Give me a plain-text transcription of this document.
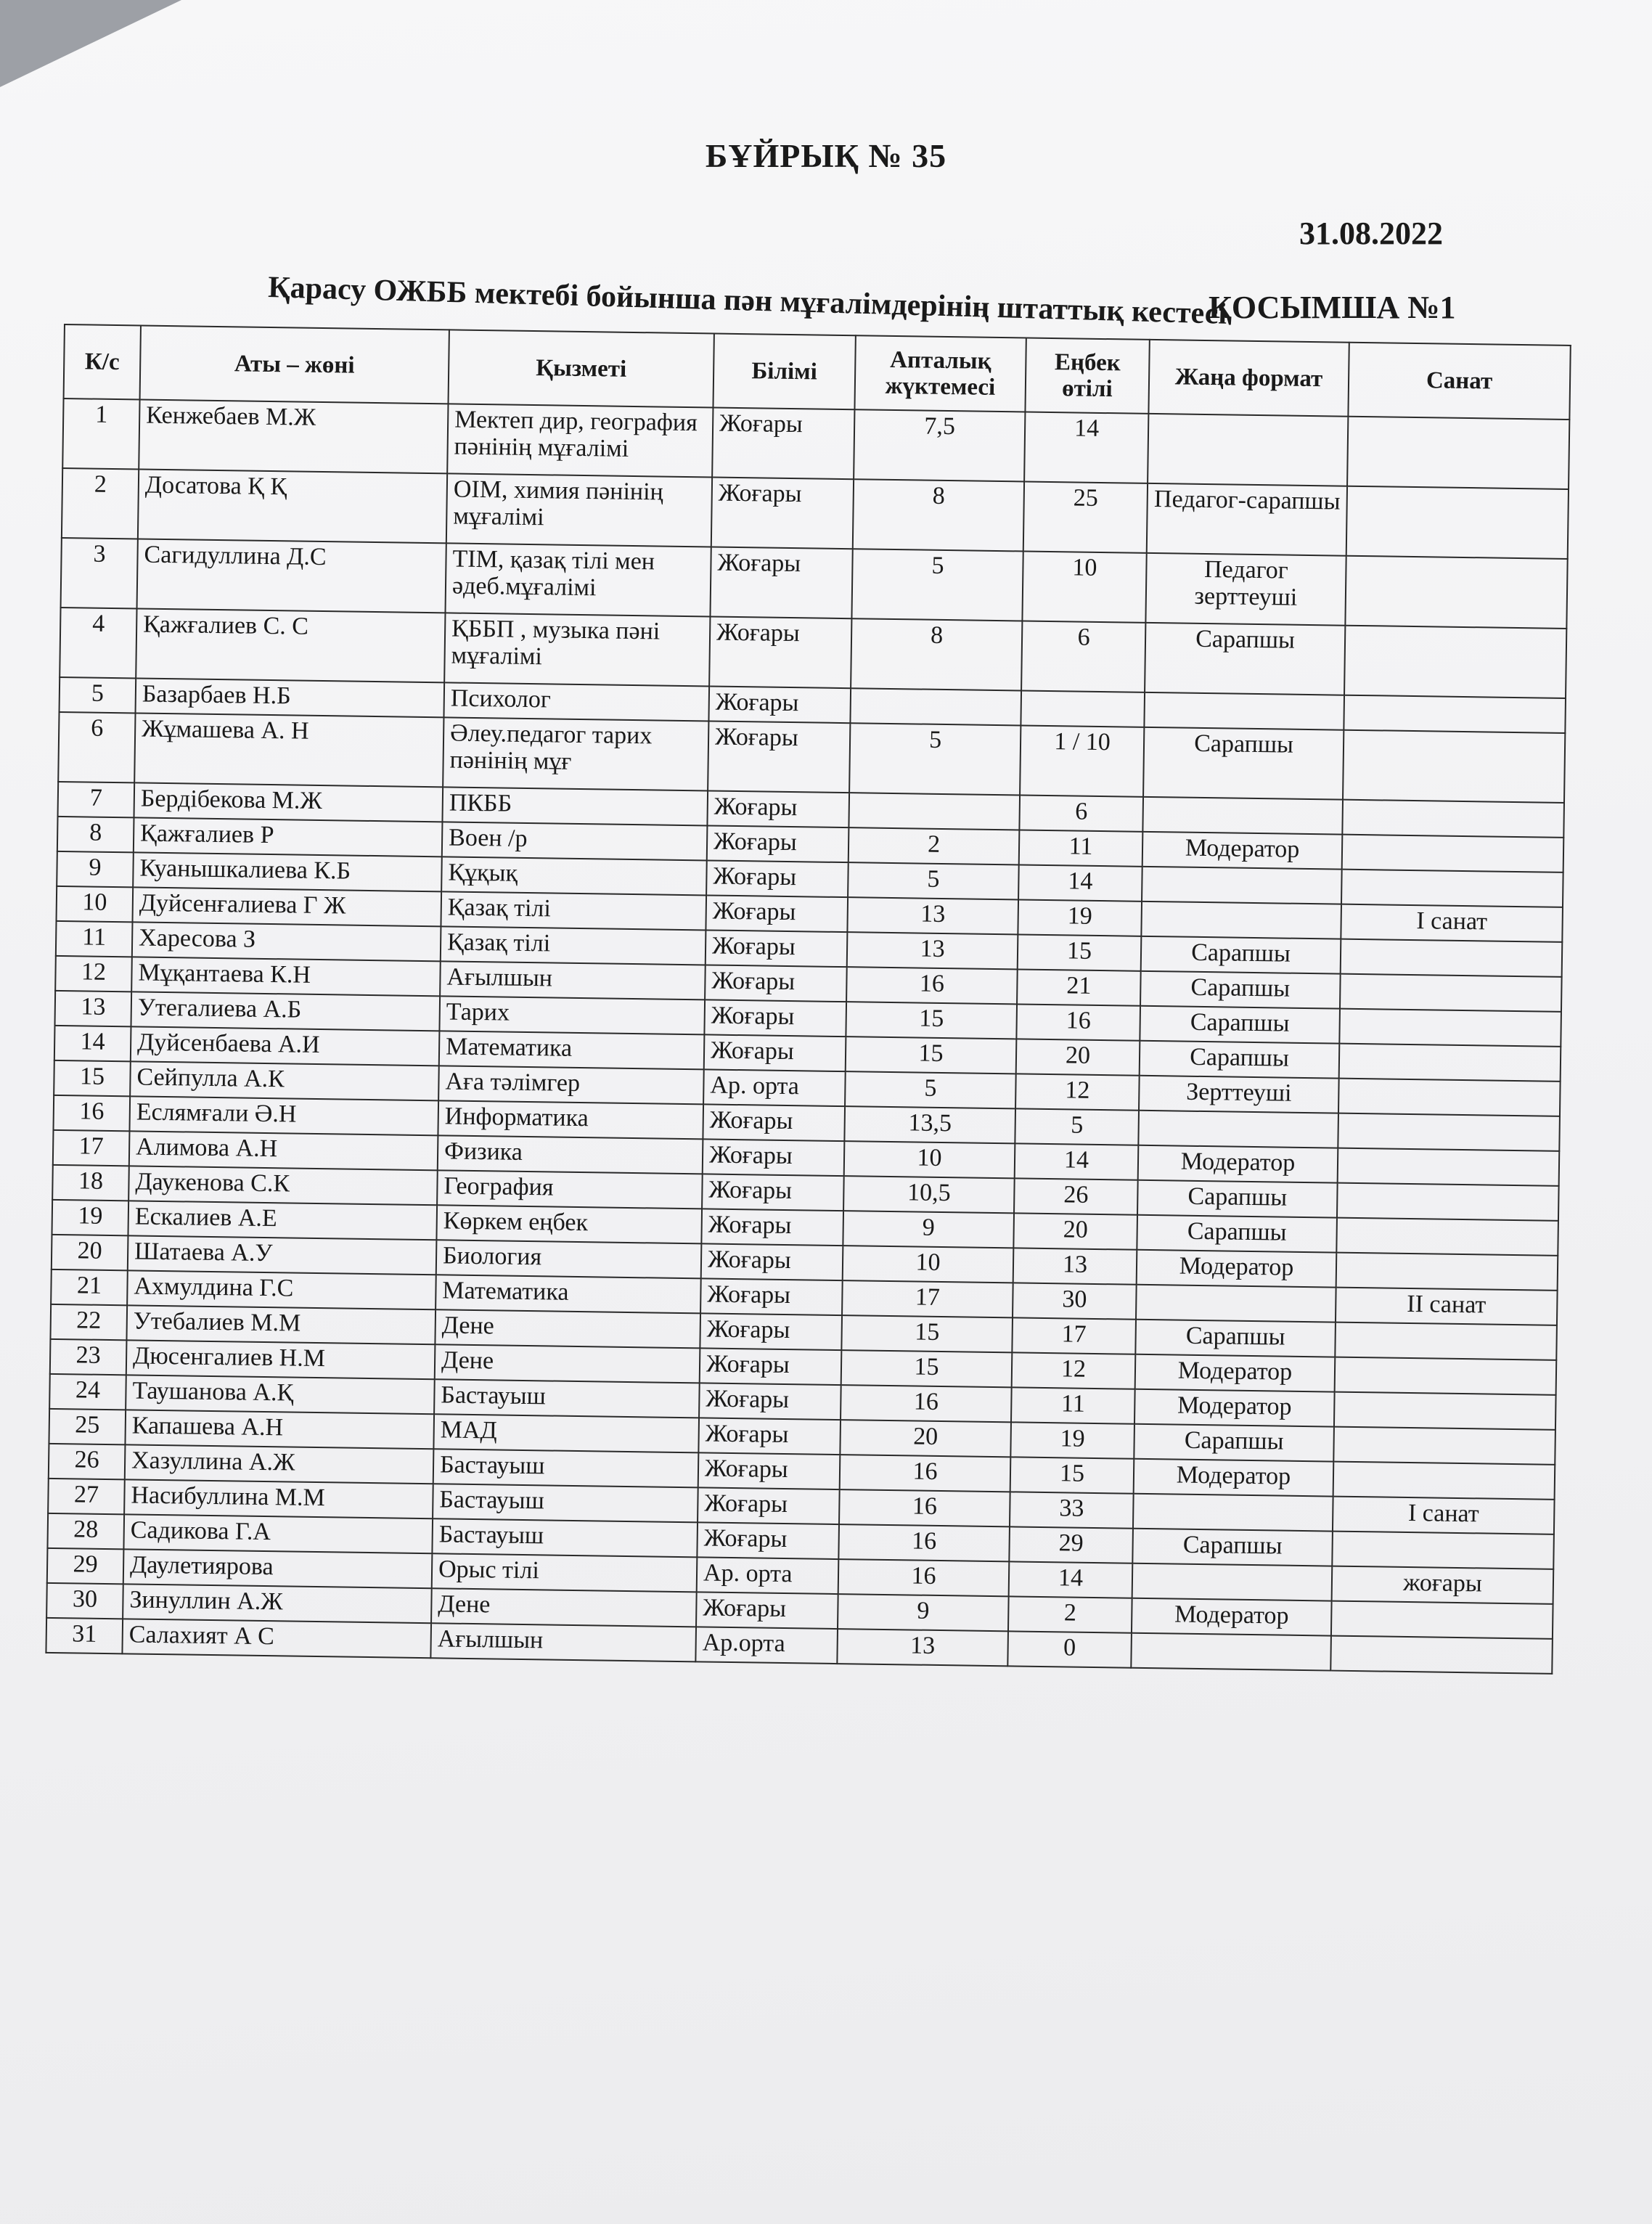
БҰЙРЫҚ № 35
31.08.2022
Қарасу ОЖББ мектебі бойынша пән мұғалімдерінің штаттық кестесі
ҚОСЫМША №1
К/с	Аты – жөні	Қызметі	Білімі	Апталық жүктемесі	Еңбек өтілі	Жаңа формат	Санат
1	Кенжебаев М.Ж	Мектеп дир, география пәнінің мұғалімі	Жоғары	7,5	14		
2	Досатова Қ Қ	ОІМ, химия пәнінің мұғалімі	Жоғары	8	25	Педагог-сарапшы	
3	Сагидуллина Д.С	ТІМ, қазақ тілі мен әдеб.мұғалімі	Жоғары	5	10	Педагог зерттеуші	
4	Қажғалиев С. С	ҚББП , музыка пәні мұғалімі	Жоғары	8	6	Сарапшы	
5	Базарбаев Н.Б	Психолог	Жоғары				
6	Жұмашева А. Н	Әлеу.педагог тарих пәнінің мұғ	Жоғары	5	1 / 10	Сарапшы	
7	Бердібекова М.Ж	ПКББ	Жоғары		6		
8	Қажғалиев Р	Воен /р	Жоғары	2	11	Модератор	
9	Куанышкалиева К.Б	Құқық	Жоғары	5	14		
10	Дуйсенғалиева Г Ж	Қазақ тілі	Жоғары	13	19		І санат
11	Харесова З	Қазақ тілі	Жоғары	13	15	Сарапшы	
12	Мұқантаева К.Н	Ағылшын	Жоғары	16	21	Сарапшы	
13	Утегалиева А.Б	Тарих	Жоғары	15	16	Сарапшы	
14	Дуйсенбаева А.И	Математика	Жоғары	15	20	Сарапшы	
15	Сейпулла А.К	Аға тәлімгер	Ар. орта	5	12	Зерттеуші	
16	Еслямғали Ә.Н	Информатика	Жоғары	13,5	5		
17	Алимова А.Н	Физика	Жоғары	10	14	Модератор	
18	Даукенова С.К	География	Жоғары	10,5	26	Сарапшы	
19	Ескалиев А.Е	Көркем еңбек	Жоғары	9	20	Сарапшы	
20	Шатаева А.У	Биология	Жоғары	10	13	Модератор	
21	Ахмулдина Г.С	Математика	Жоғары	17	30		ІІ санат
22	Утебалиев М.М	Дене	Жоғары	15	17	Сарапшы	
23	Дюсенгалиев Н.М	Дене	Жоғары	15	12	Модератор	
24	Таушанова А.Қ	Бастауыш	Жоғары	16	11	Модератор	
25	Капашева А.Н	МАД	Жоғары	20	19	Сарапшы	
26	Хазуллина А.Ж	Бастауыш	Жоғары	16	15	Модератор	
27	Насибуллина М.М	Бастауыш	Жоғары	16	33		І санат
28	Садикова Г.А	Бастауыш	Жоғары	16	29	Сарапшы	
29	Даулетиярова	Орыс тілі	Ар. орта	16	14		жоғары
30	Зинуллин А.Ж	Дене	Жоғары	9	2	Модератор	
31	Салахият А С	Ағылшын	Ар.орта	13	0		
